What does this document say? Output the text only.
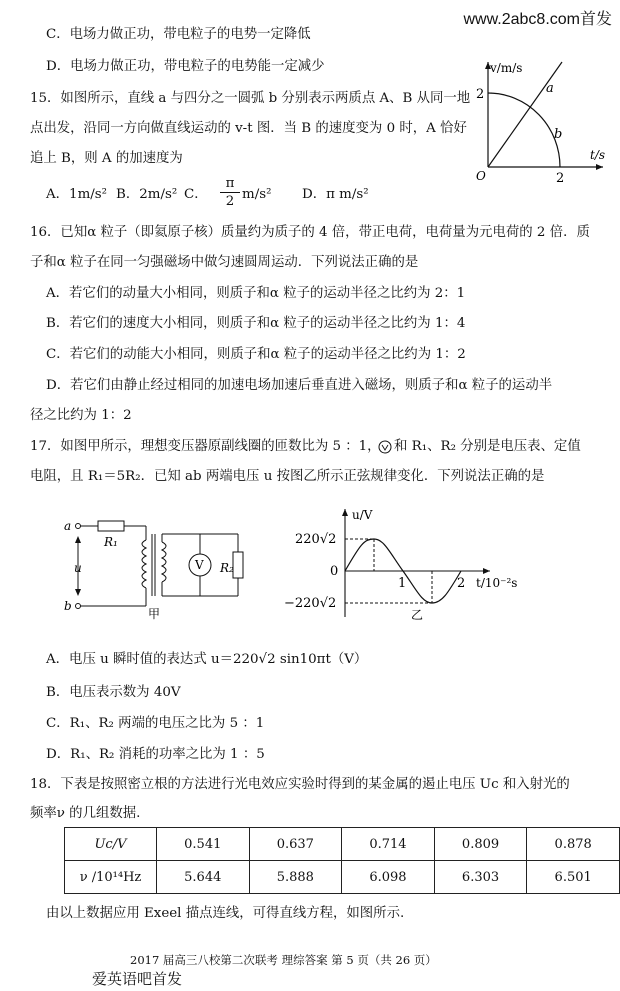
www.2abc8.com首发
C．电场力做正功，带电粒子的电势一定降低
D．电场力做正功，带电粒子的电势能一定减少
15．如图所示，直线 a 与四分之一圆弧 b 分别表示两质点 A、B 从同一地
点出发，沿同一方向做直线运动的 v-t 图．当 B 的速度变为 0 时，A 恰好
追上 B，则 A 的加速度为
A．1m/s² B．2m/s² C．
π
2 m/s² D．π m/s²
v/m/s
t/s
O
2
2
a
b
16．已知α 粒子（即氦原子核）质量约为质子的 4 倍，带正电荷，电荷量为元电荷的 2 倍．质
子和α 粒子在同一匀强磁场中做匀速圆周运动．下列说法正确的是
A．若它们的动量大小相同，则质子和α 粒子的运动半径之比约为 2：1
B．若它们的速度大小相同，则质子和α 粒子的运动半径之比约为 1：4
C．若它们的动能大小相同，则质子和α 粒子的运动半径之比约为 1：2
D．若它们由静止经过相同的加速电场加速后垂直进入磁场，则质子和α 粒子的运动半
径之比约为 1：2
17．如图甲所示，理想变压器原副线圈的匝数比为 5 ：1， 和 R₁、R₂ 分别是电压表、定值
电阻，且 R₁＝5R₂．已知 ab 两端电压 u 按图乙所示正弦规律变化．下列说法正确的是
a
b
u
R₁
V R₂
甲
u/V
t/10⁻²s
220√2
−220√2
0
1	2
乙
A．电压 u 瞬时值的表达式 u＝220√2 sin10πt（V）
B．电压表示数为 40V
C．R₁、R₂ 两端的电压之比为 5 ：1
D．R₁、R₂ 消耗的功率之比为 1 ：5
18．下表是按照密立根的方法进行光电效应实验时得到的某金属的遏止电压 Uc 和入射光的
频率ν 的几组数据.
Uc/V	0.541	0.637	0.714	0.809	0.878
ν /10¹⁴Hz	5.644	5.888	6.098	6.303	6.501
由以上数据应用 Exeel 描点连线，可得直线方程，如图所示.
2017 届高三八校第二次联考 理综答案 第 5 页（共 26 页）
爱英语吧首发
